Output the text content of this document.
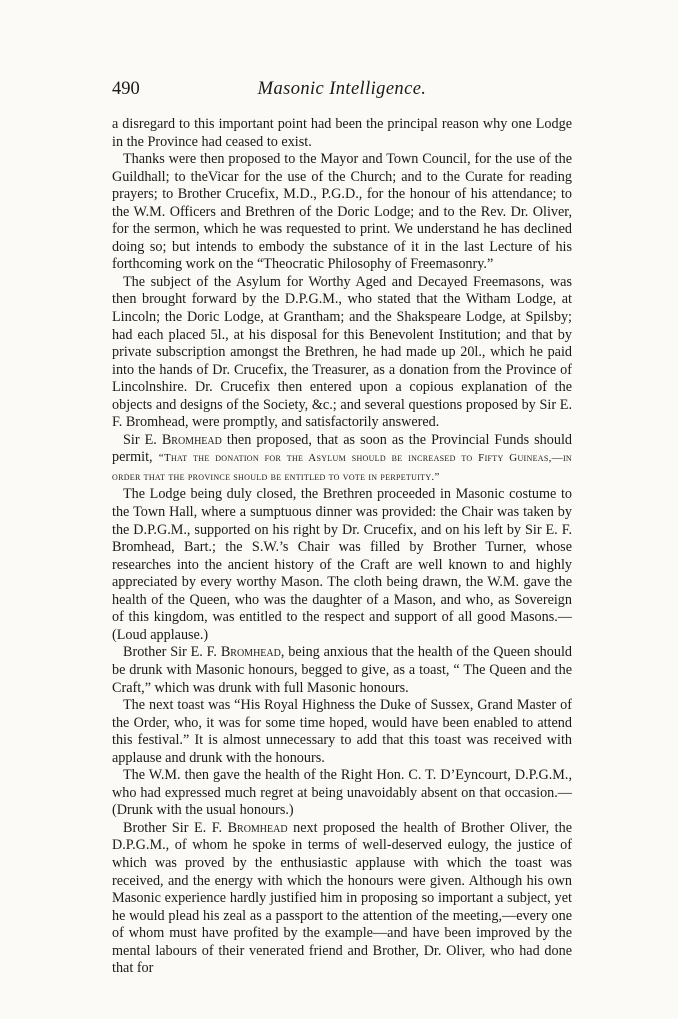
490	Masonic Intelligence.

a disregard to this important point had been the principal reason why one Lodge in the Province had ceased to exist.

Thanks were then proposed to the Mayor and Town Council, for the use of the Guildhall; to theVicar for the use of the Church; and to the Curate for reading prayers; to Brother Crucefix, M.D., P.G.D., for the honour of his attendance; to the W.M. Officers and Brethren of the Doric Lodge; and to the Rev. Dr. Oliver, for the sermon, which he was requested to print. We understand he has declined doing so; but intends to embody the substance of it in the last Lecture of his forthcoming work on the “Theocratic Philosophy of Freemasonry.”

The subject of the Asylum for Worthy Aged and Decayed Freemasons, was then brought forward by the D.P.G.M., who stated that the Witham Lodge, at Lincoln; the Doric Lodge, at Grantham; and the Shakspeare Lodge, at Spilsby; had each placed 5l., at his disposal for this Benevolent Institution; and that by private subscription amongst the Brethren, he had made up 20l., which he paid into the hands of Dr. Crucefix, the Treasurer, as a donation from the Province of Lincolnshire. Dr. Crucefix then entered upon a copious explanation of the objects and designs of the Society, &c.; and several questions proposed by Sir E. F. Bromhead, were promptly, and satisfactorily answered.

Sir E. Bromhead then proposed, that as soon as the Provincial Funds should permit, “That the donation for the Asylum should be increased to Fifty Guineas,—in order that the province should be entitled to vote in perpetuity.”

The Lodge being duly closed, the Brethren proceeded in Masonic costume to the Town Hall, where a sumptuous dinner was provided: the Chair was taken by the D.P.G.M., supported on his right by Dr. Crucefix, and on his left by Sir E. F. Bromhead, Bart.; the S.W.’s Chair was filled by Brother Turner, whose researches into the ancient history of the Craft are well known to and highly appreciated by every worthy Mason. The cloth being drawn, the W.M. gave the health of the Queen, who was the daughter of a Mason, and who, as Sovereign of this kingdom, was entitled to the respect and support of all good Masons.—(Loud applause.)

Brother Sir E. F. Bromhead, being anxious that the health of the Queen should be drunk with Masonic honours, begged to give, as a toast, “ The Queen and the Craft,” which was drunk with full Masonic honours.

The next toast was “His Royal Highness the Duke of Sussex, Grand Master of the Order, who, it was for some time hoped, would have been enabled to attend this festival.” It is almost unnecessary to add that this toast was received with applause and drunk with the honours.

The W.M. then gave the health of the Right Hon. C. T. D’Eyncourt, D.P.G.M., who had expressed much regret at being unavoidably absent on that occasion.—(Drunk with the usual honours.)

Brother Sir E. F. Bromhead next proposed the health of Brother Oliver, the D.P.G.M., of whom he spoke in terms of well-deserved eulogy, the justice of which was proved by the enthusiastic applause with which the toast was received, and the energy with which the honours were given. Although his own Masonic experience hardly justified him in proposing so important a subject, yet he would plead his zeal as a passport to the attention of the meeting,—every one of whom must have profited by the example—and have been improved by the mental labours of their venerated friend and Brother, Dr. Oliver, who had done that for
